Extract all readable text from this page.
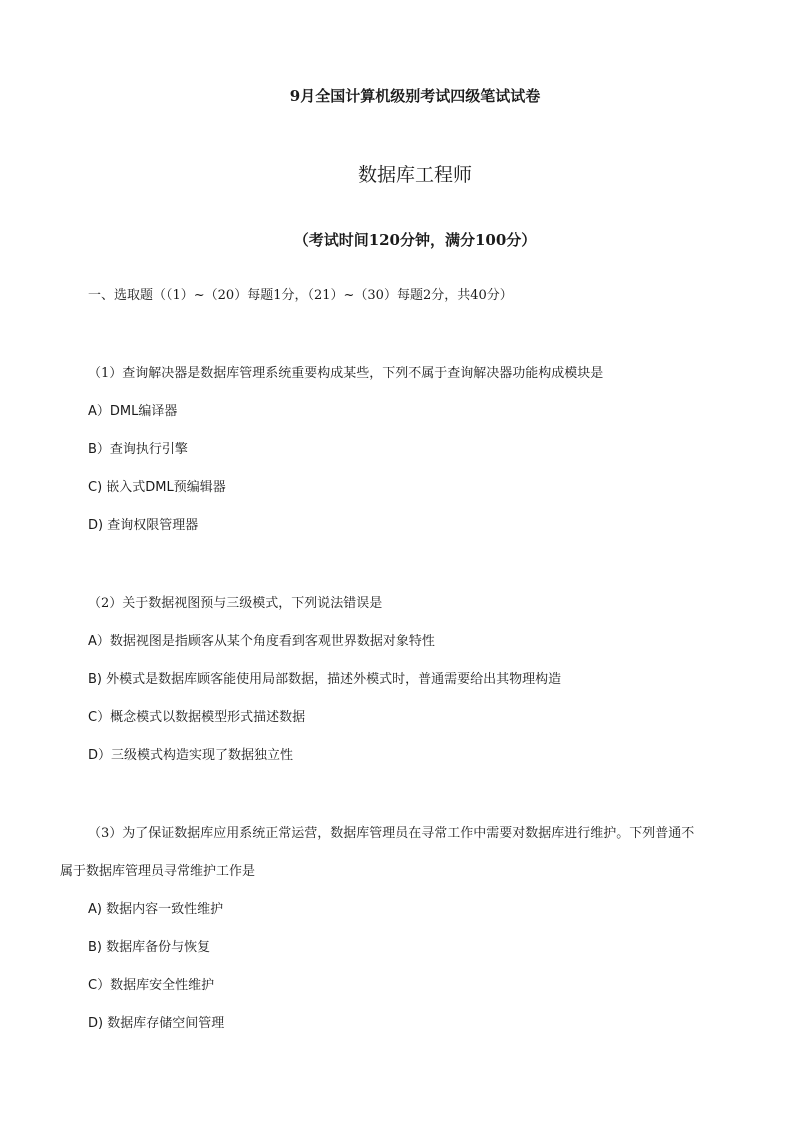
9月全国计算机级别考试四级笔试试卷
数据库工程师
（考试时间120分钟，满分100分）
一、选取题（（1）~（20）每题1分，（21）~（30）每题2分，共40分）
（1）查询解决器是数据库管理系统重要构成某些，下列不属于查询解决器功能构成模块是
A）DML编译器
B）查询执行引擎
C) 嵌入式DML预编辑器
D) 查询权限管理器
（2）关于数据视图预与三级模式，下列说法错误是
A）数据视图是指顾客从某个角度看到客观世界数据对象特性
B) 外模式是数据库顾客能使用局部数据，描述外模式时，普通需要给出其物理构造
C）概念模式以数据模型形式描述数据
D）三级模式构造实现了数据独立性
（3）为了保证数据库应用系统正常运营，数据库管理员在寻常工作中需要对数据库进行维护。下列普通不
属于数据库管理员寻常维护工作是
A) 数据内容一致性维护
B) 数据库备份与恢复
C）数据库安全性维护
D) 数据库存储空间管理
